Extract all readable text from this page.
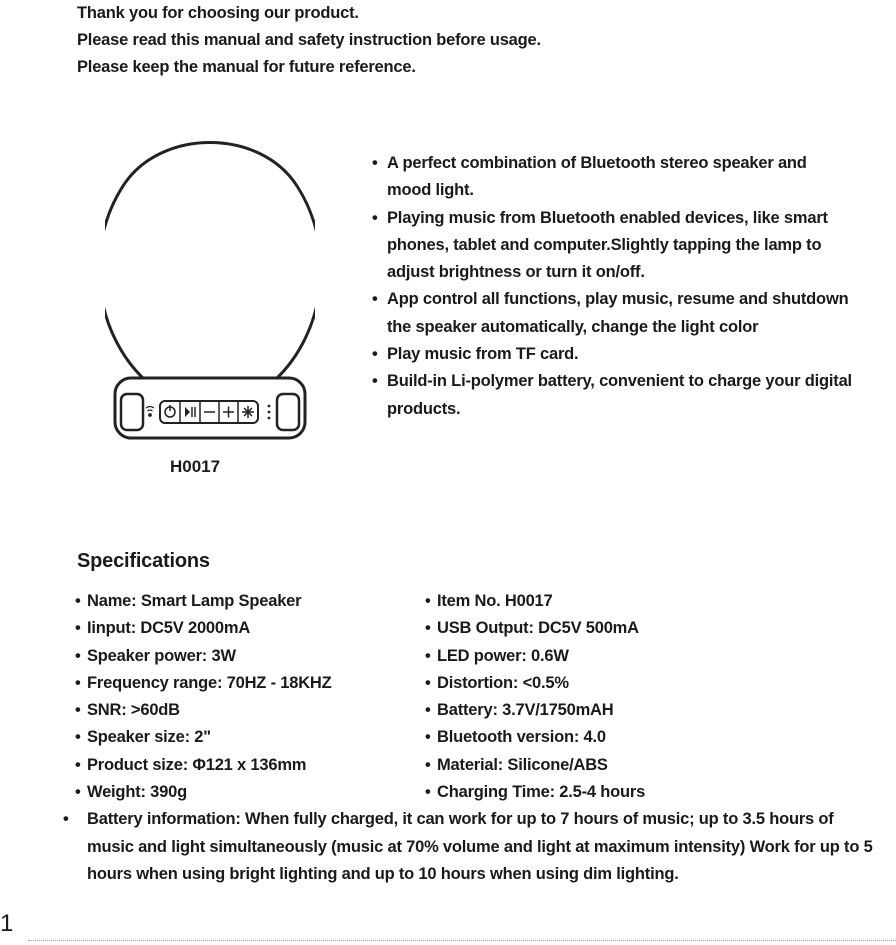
Thank you for choosing our product.
Please read this manual and safety instruction before usage.
Please keep the manual for future reference.
H0017
• A perfect combination of Bluetooth stereo speaker and mood light.
• Playing music from Bluetooth enabled devices, like smart phones, tablet and computer.Slightly tapping the lamp to adjust brightness or turn it on/off.
• App control all functions, play music, resume and shutdown the speaker automatically, change the light color
• Play music from TF card.
• Build-in Li-polymer battery, convenient to charge your digital products.
Specifications
• Name: Smart Lamp Speaker	• Item No. H0017
• Iinput: DC5V 2000mA	• USB Output: DC5V 500mA
• Speaker power: 3W	• LED power: 0.6W
• Frequency range: 70HZ - 18KHZ	• Distortion: <0.5%
• SNR: >60dB	• Battery: 3.7V/1750mAH
• Speaker size: 2"	• Bluetooth version: 4.0
• Product size: Φ121 x 136mm	• Material: Silicone/ABS
• Weight: 390g	• Charging Time: 2.5-4 hours
• Battery information: When fully charged, it can work for up to 7 hours of music; up to 3.5 hours of music and light simultaneously (music at 70% volume and light at maximum intensity) Work for up to 5 hours when using bright lighting and up to 10 hours when using dim lighting.
1
